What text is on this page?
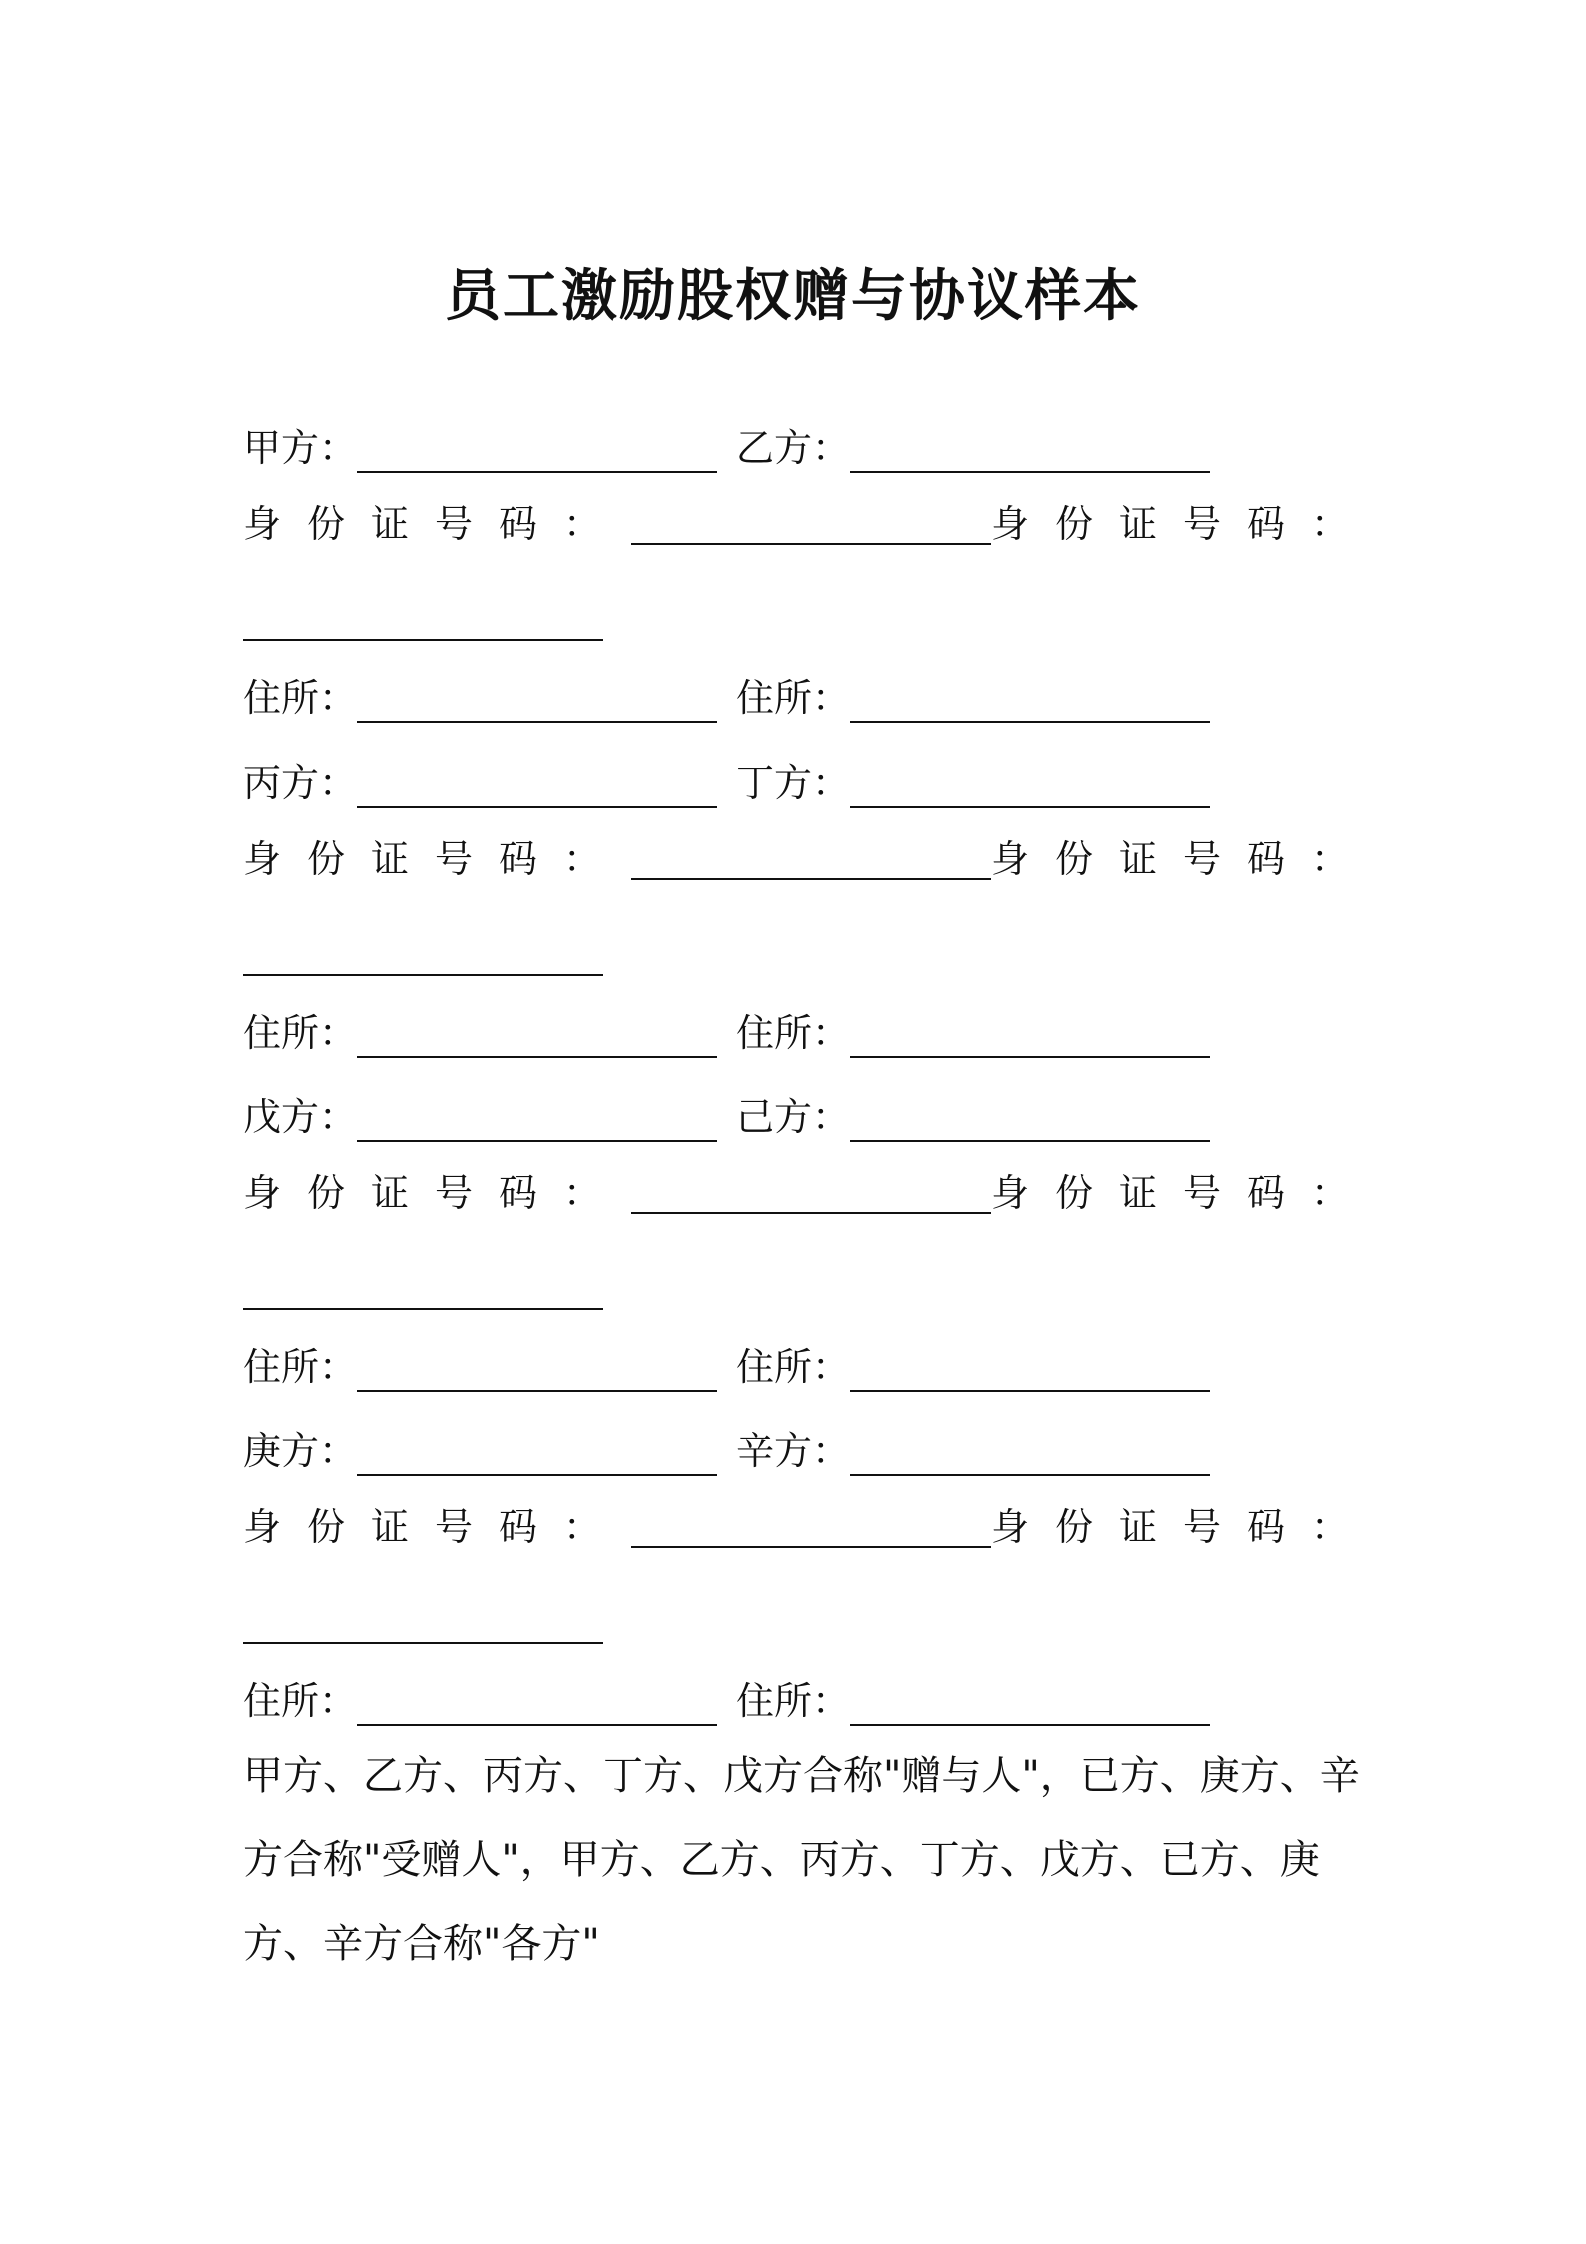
员工激励股权赠与协议样本
甲方：	乙方：
身份证号码：	身份证号码：
住所：	住所：
丙方：	丁方：
身份证号码：	身份证号码：
住所：	住所：
戊方：	己方：
身份证号码：	身份证号码：
住所：	住所：
庚方：	辛方：
身份证号码：	身份证号码：
住所：	住所：
甲方、乙方、丙方、丁方、戊方合称"赠与人"，已方、庚方、辛方合称"受赠人"，甲方、乙方、丙方、丁方、戊方、已方、庚方、辛方合称"各方"
